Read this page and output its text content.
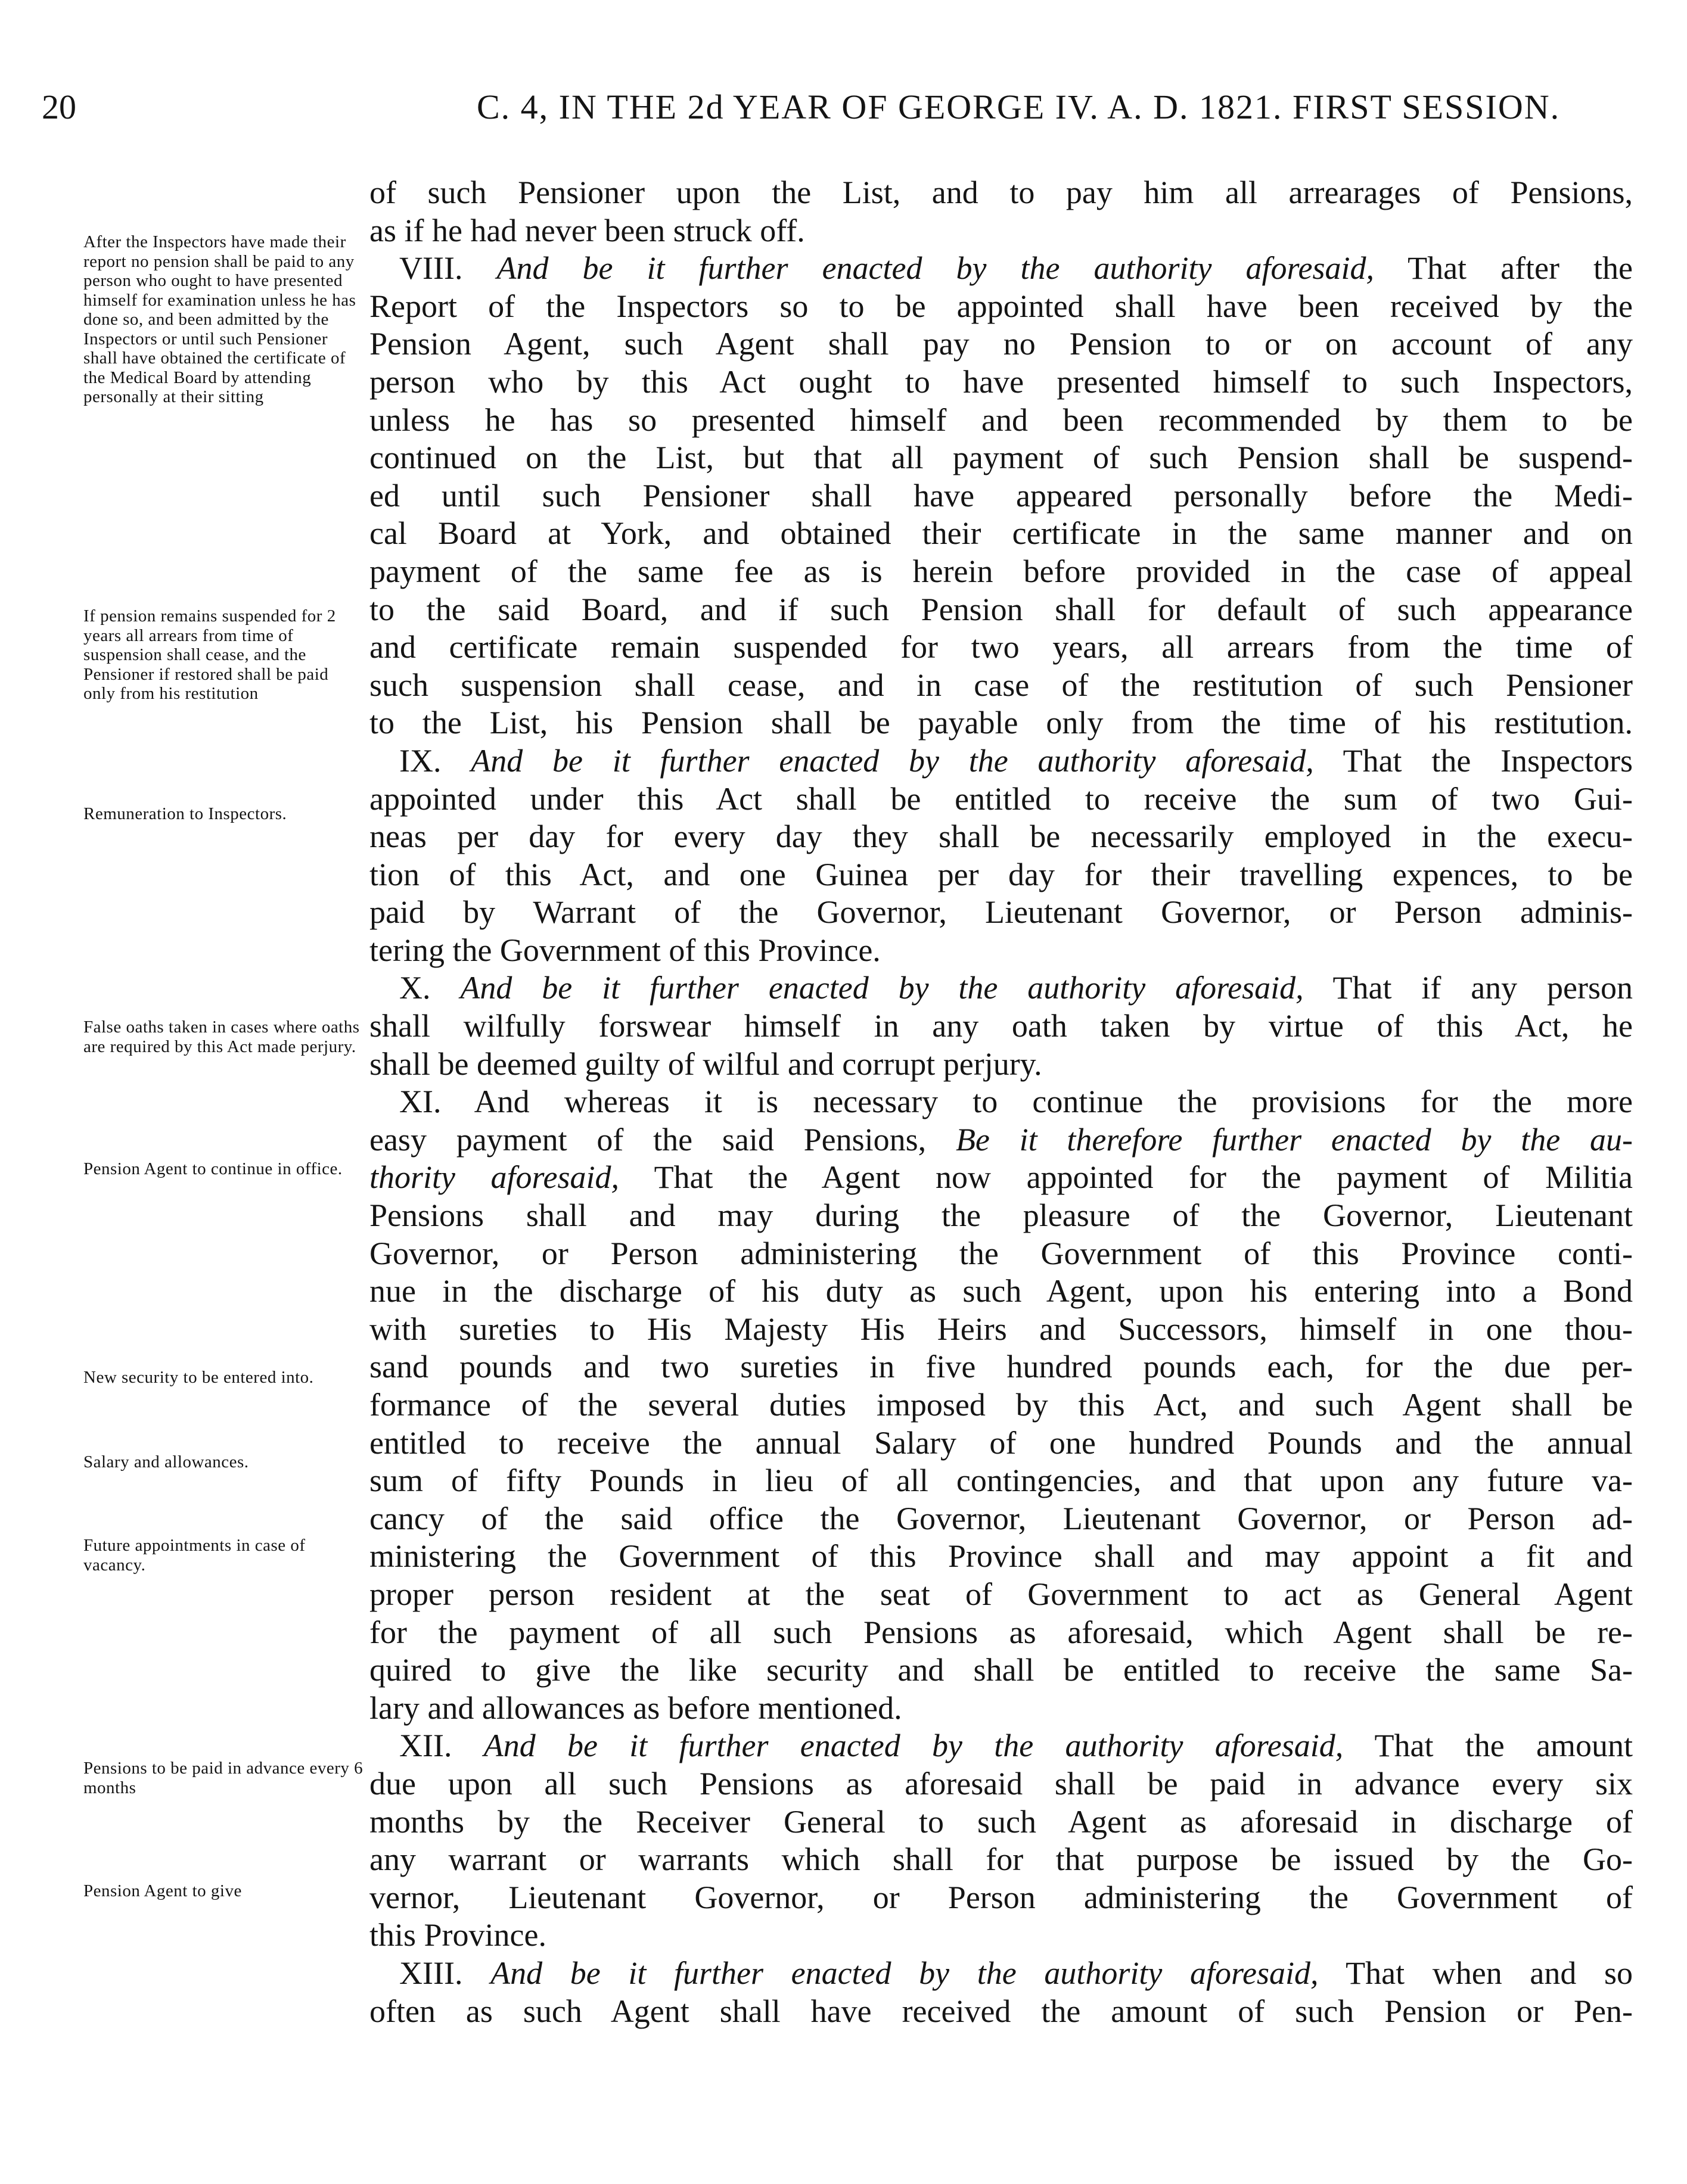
20	C. 4, IN THE 2d YEAR OF GEORGE IV. A. D. 1821. FIRST SESSION.
After the Inspectors have made their report no pension shall be paid to any person who ought to have presented himself for examination unless he has done so, and been admitted by the Inspectors or until such Pensioner shall have obtained the certificate of the Medical Board by attending personally at their sitting
If pension remains suspended for 2 years all arrears from time of suspension shall cease, and the Pensioner if restored shall be paid only from his restitution
Remuneration to Inspectors.
False oaths taken in cases where oaths are required by this Act made perjury.
Pension Agent to continue in office.
New security to be entered into.
Salary and allowances.
Future appointments in case of vacancy.
Pensions to be paid in advance every 6 months
Pension Agent to give
of such Pensioner upon the List, and to pay him all arrearages of Pensions,
as if he had never been struck off.
VIII. And be it further enacted by the authority aforesaid, That after the
Report of the Inspectors so to be appointed shall have been received by the
Pension Agent, such Agent shall pay no Pension to or on account of any
person who by this Act ought to have presented himself to such Inspectors,
unless he has so presented himself and been recommended by them to be
continued on the List, but that all payment of such Pension shall be suspend-
ed until such Pensioner shall have appeared personally before the Medi-
cal Board at York, and obtained their certificate in the same manner and on
payment of the same fee as is herein before provided in the case of appeal
to the said Board, and if such Pension shall for default of such appearance
and certificate remain suspended for two years, all arrears from the time of
such suspension shall cease, and in case of the restitution of such Pensioner
to the List, his Pension shall be payable only from the time of his restitution.
IX. And be it further enacted by the authority aforesaid, That the Inspectors
appointed under this Act shall be entitled to receive the sum of two Gui-
neas per day for every day they shall be necessarily employed in the execu-
tion of this Act, and one Guinea per day for their travelling expences, to be
paid by Warrant of the Governor, Lieutenant Governor, or Person adminis-
tering the Government of this Province.
X. And be it further enacted by the authority aforesaid, That if any person
shall wilfully forswear himself in any oath taken by virtue of this Act, he
shall be deemed guilty of wilful and corrupt perjury.
XI. And whereas it is necessary to continue the provisions for the more
easy payment of the said Pensions, Be it therefore further enacted by the au-
thority aforesaid, That the Agent now appointed for the payment of Militia
Pensions shall and may during the pleasure of the Governor, Lieutenant
Governor, or Person administering the Government of this Province conti-
nue in the discharge of his duty as such Agent, upon his entering into a Bond
with sureties to His Majesty His Heirs and Successors, himself in one thou-
sand pounds and two sureties in five hundred pounds each, for the due per-
formance of the several duties imposed by this Act, and such Agent shall be
entitled to receive the annual Salary of one hundred Pounds and the annual
sum of fifty Pounds in lieu of all contingencies, and that upon any future va-
cancy of the said office the Governor, Lieutenant Governor, or Person ad-
ministering the Government of this Province shall and may appoint a fit and
proper person resident at the seat of Government to act as General Agent
for the payment of all such Pensions as aforesaid, which Agent shall be re-
quired to give the like security and shall be entitled to receive the same Sa-
lary and allowances as before mentioned.
XII. And be it further enacted by the authority aforesaid, That the amount
due upon all such Pensions as aforesaid shall be paid in advance every six
months by the Receiver General to such Agent as aforesaid in discharge of
any warrant or warrants which shall for that purpose be issued by the Go-
vernor, Lieutenant Governor, or Person administering the Government of
this Province.
XIII. And be it further enacted by the authority aforesaid, That when and so
often as such Agent shall have received the amount of such Pension or Pen-
